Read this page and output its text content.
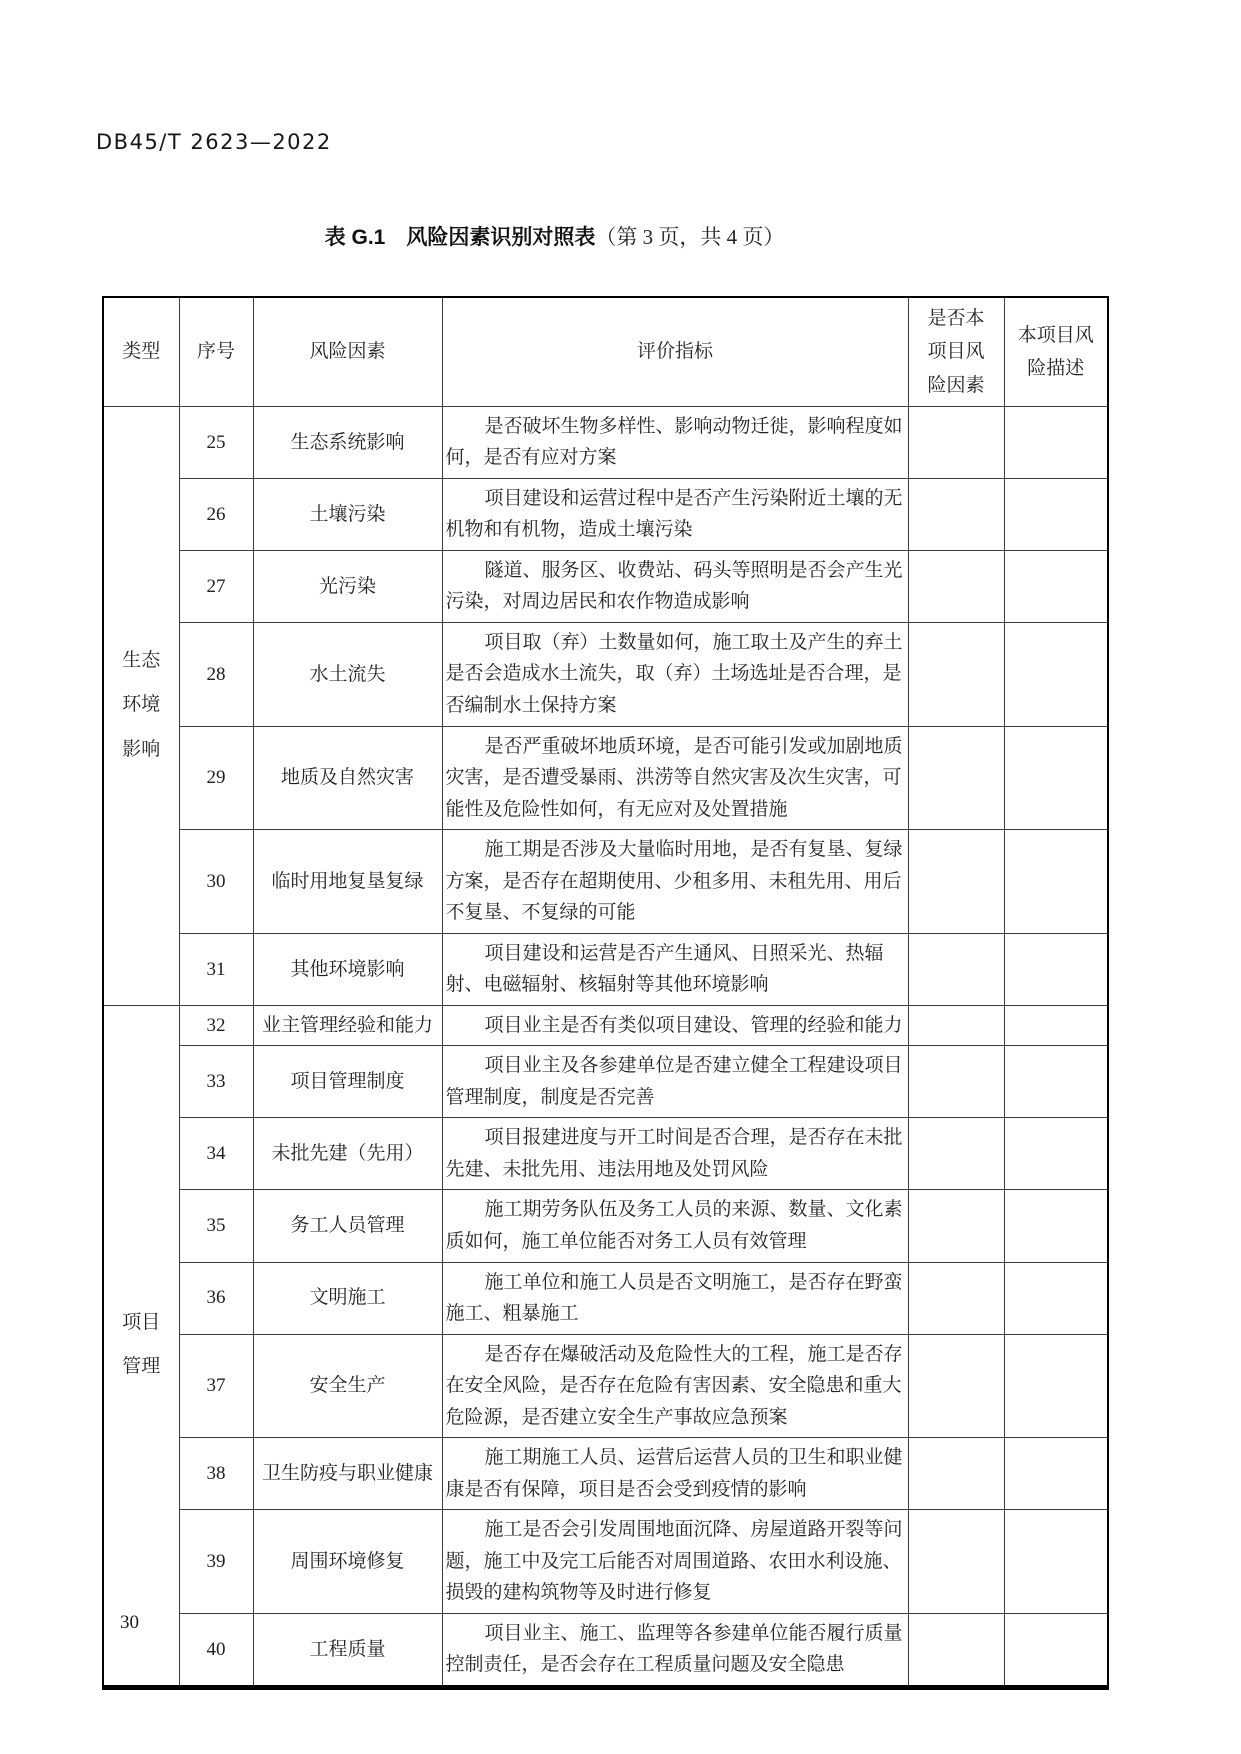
DB45/T 2623—2022
表 G.1　风险因素识别对照表（第 3 页，共 4 页）
类型	序号	风险因素	评价指标	是否本项目风险因素	本项目风险描述
生态环境影响	25	生态系统影响	是否破坏生物多样性、影响动物迁徙，影响程度如何，是否有应对方案		
	26	土壤污染	项目建设和运营过程中是否产生污染附近土壤的无机物和有机物，造成土壤污染		
	27	光污染	隧道、服务区、收费站、码头等照明是否会产生光污染，对周边居民和农作物造成影响		
	28	水土流失	项目取（弃）土数量如何，施工取土及产生的弃土是否会造成水土流失，取（弃）土场选址是否合理，是否编制水土保持方案		
	29	地质及自然灾害	是否严重破坏地质环境，是否可能引发或加剧地质灾害，是否遭受暴雨、洪涝等自然灾害及次生灾害，可能性及危险性如何，有无应对及处置措施		
	30	临时用地复垦复绿	施工期是否涉及大量临时用地，是否有复垦、复绿方案，是否存在超期使用、少租多用、未租先用、用后不复垦、不复绿的可能		
	31	其他环境影响	项目建设和运营是否产生通风、日照采光、热辐射、电磁辐射、核辐射等其他环境影响		
项目管理	32	业主管理经验和能力	项目业主是否有类似项目建设、管理的经验和能力		
	33	项目管理制度	项目业主及各参建单位是否建立健全工程建设项目管理制度，制度是否完善		
	34	未批先建（先用）	项目报建进度与开工时间是否合理，是否存在未批先建、未批先用、违法用地及处罚风险		
	35	务工人员管理	施工期劳务队伍及务工人员的来源、数量、文化素质如何，施工单位能否对务工人员有效管理		
	36	文明施工	施工单位和施工人员是否文明施工，是否存在野蛮施工、粗暴施工		
	37	安全生产	是否存在爆破活动及危险性大的工程，施工是否存在安全风险，是否存在危险有害因素、安全隐患和重大危险源，是否建立安全生产事故应急预案		
	38	卫生防疫与职业健康	施工期施工人员、运营后运营人员的卫生和职业健康是否有保障，项目是否会受到疫情的影响		
	39	周围环境修复	施工是否会引发周围地面沉降、房屋道路开裂等问题，施工中及完工后能否对周围道路、农田水利设施、损毁的建构筑物等及时进行修复		
	40	工程质量	项目业主、施工、监理等各参建单位能否履行质量控制责任，是否会存在工程质量问题及安全隐患		
30
